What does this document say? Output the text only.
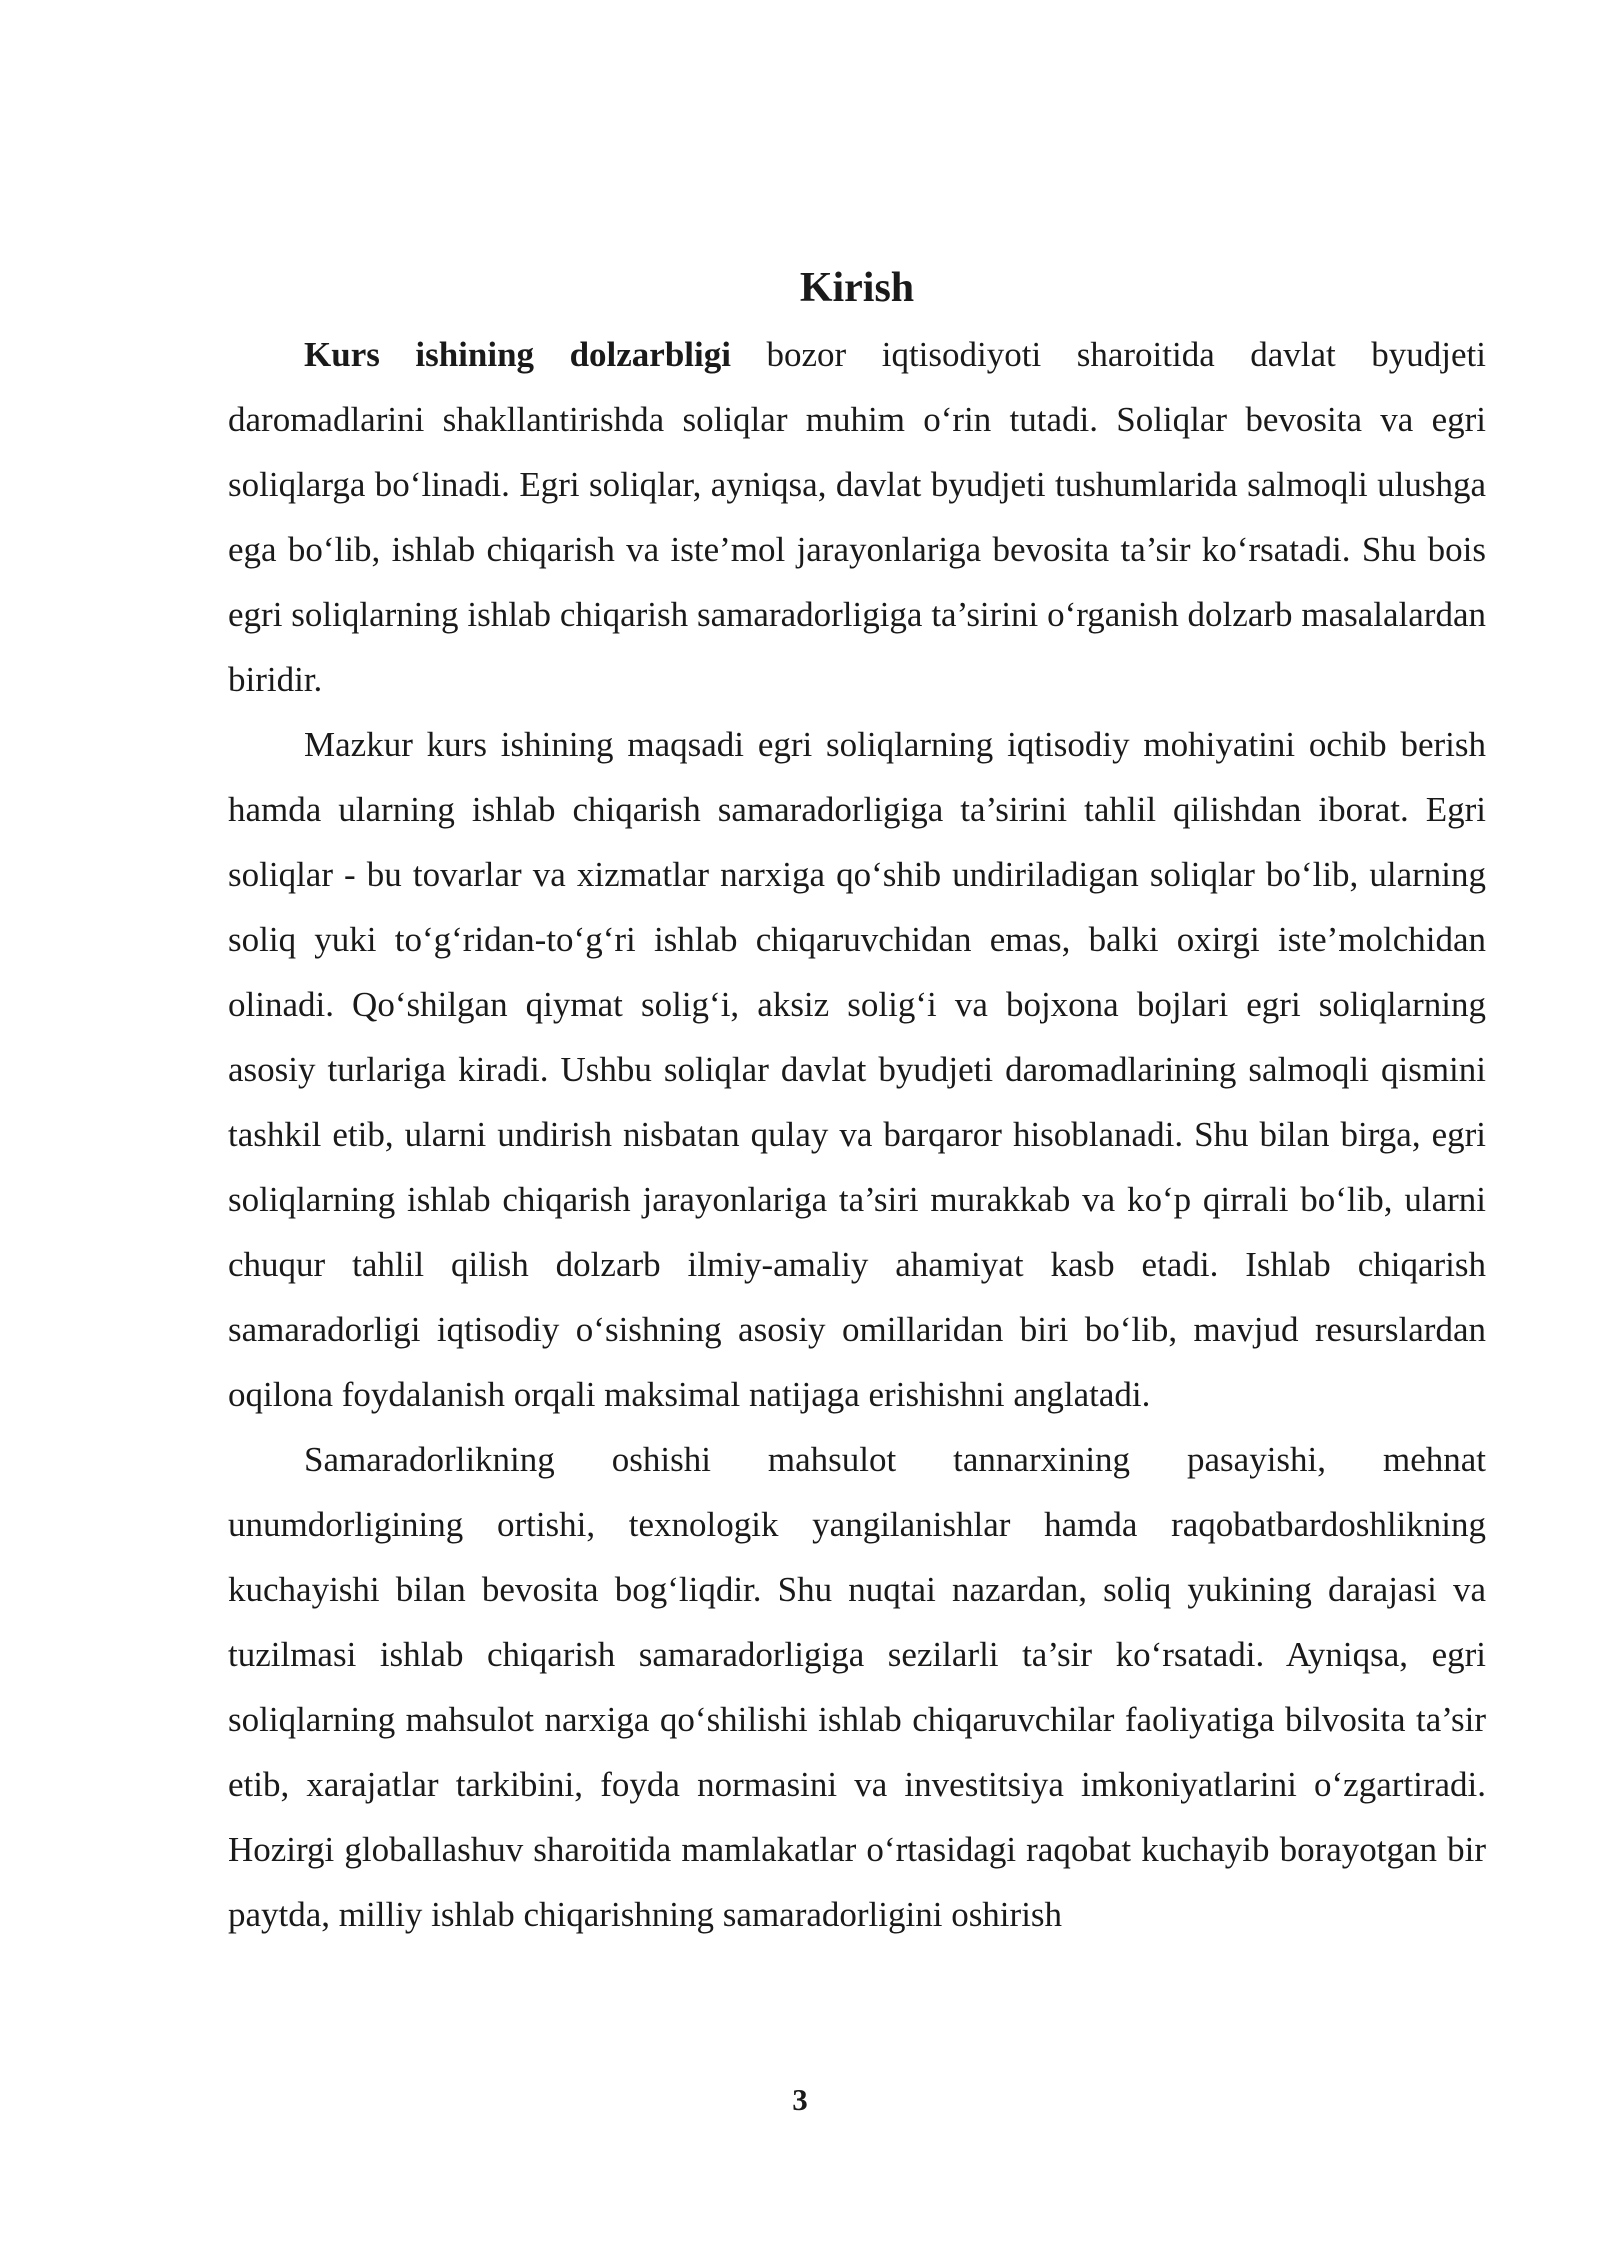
Kirish

Kurs ishining dolzarbligi bozor iqtisodiyoti sharoitida davlat byudjeti daromadlarini shakllantirishda soliqlar muhim o‘rin tutadi. Soliqlar bevosita va egri soliqlarga bo‘linadi. Egri soliqlar, ayniqsa, davlat byudjeti tushumlarida salmoqli ulushga ega bo‘lib, ishlab chiqarish va iste’mol jarayonlariga bevosita ta’sir ko‘rsatadi. Shu bois egri soliqlarning ishlab chiqarish samaradorligiga ta’sirini o‘rganish dolzarb masalalardan biridir.

Mazkur kurs ishining maqsadi egri soliqlarning iqtisodiy mohiyatini ochib berish hamda ularning ishlab chiqarish samaradorligiga ta’sirini tahlil qilishdan iborat. Egri soliqlar - bu tovarlar va xizmatlar narxiga qo‘shib undiriladigan soliqlar bo‘lib, ularning soliq yuki to‘g‘ridan-to‘g‘ri ishlab chiqaruvchidan emas, balki oxirgi iste’molchidan olinadi. Qo‘shilgan qiymat solig‘i, aksiz solig‘i va bojxona bojlari egri soliqlarning asosiy turlariga kiradi. Ushbu soliqlar davlat byudjeti daromadlarining salmoqli qismini tashkil etib, ularni undirish nisbatan qulay va barqaror hisoblanadi. Shu bilan birga, egri soliqlarning ishlab chiqarish jarayonlariga ta’siri murakkab va ko‘p qirrali bo‘lib, ularni chuqur tahlil qilish dolzarb ilmiy-amaliy ahamiyat kasb etadi. Ishlab chiqarish samaradorligi iqtisodiy o‘sishning asosiy omillaridan biri bo‘lib, mavjud resurslardan oqilona foydalanish orqali maksimal natijaga erishishni anglatadi.

Samaradorlikning oshishi mahsulot tannarxining pasayishi, mehnat unumdorligining ortishi, texnologik yangilanishlar hamda raqobatbardoshlikning kuchayishi bilan bevosita bog‘liqdir. Shu nuqtai nazardan, soliq yukining darajasi va tuzilmasi ishlab chiqarish samaradorligiga sezilarli ta’sir ko‘rsatadi. Ayniqsa, egri soliqlarning mahsulot narxiga qo‘shilishi ishlab chiqaruvchilar faoliyatiga bilvosita ta’sir etib, xarajatlar tarkibini, foyda normasini va investitsiya imkoniyatlarini o‘zgartiradi. Hozirgi globallashuv sharoitida mamlakatlar o‘rtasidagi raqobat kuchayib borayotgan bir paytda, milliy ishlab chiqarishning samaradorligini oshirish

3
